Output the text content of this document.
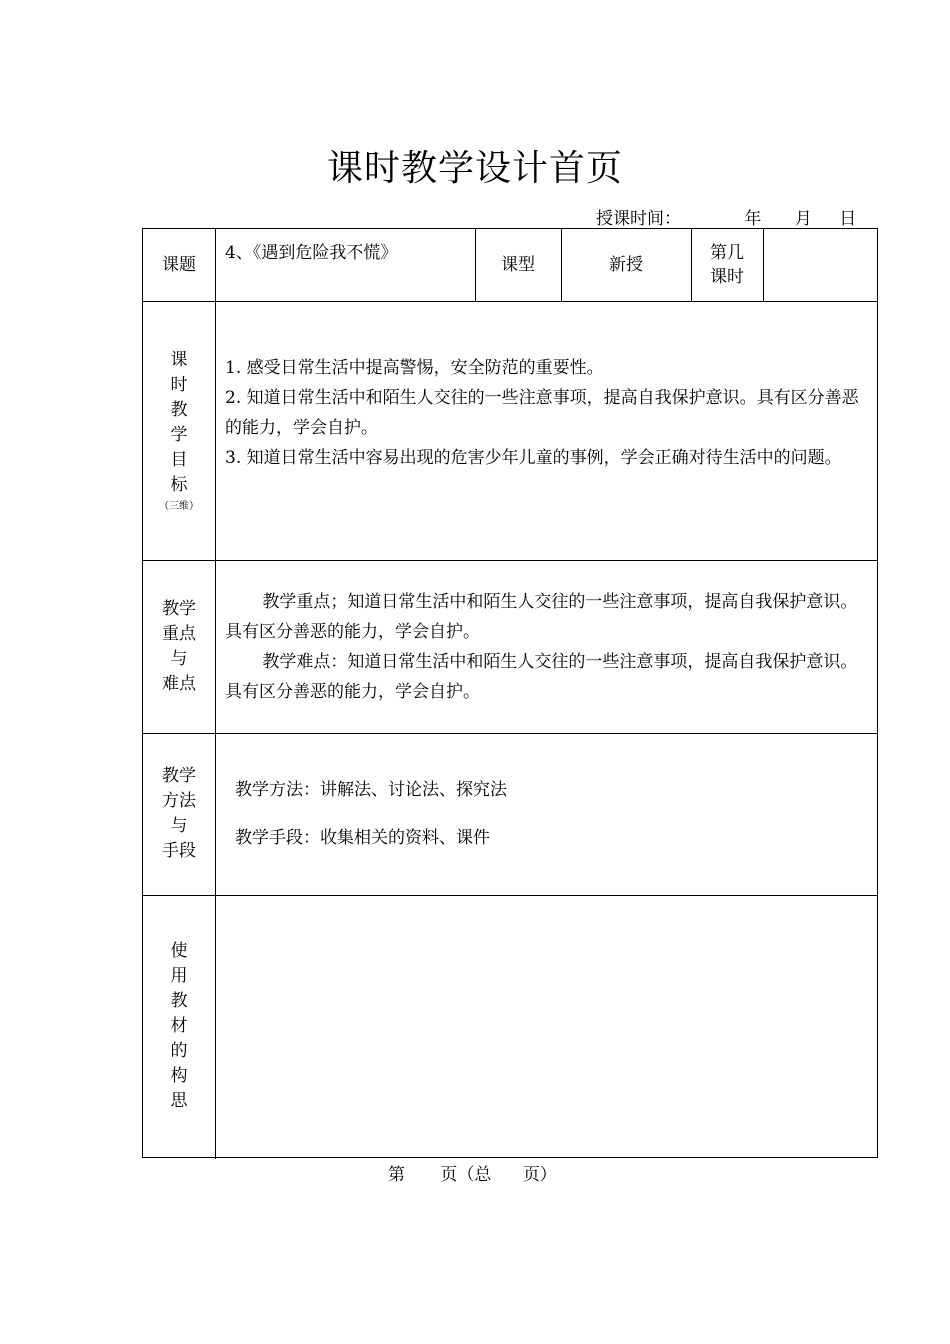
课时教学设计首页
授课时间：	年 月 日
课题
4、《遇到危险我不慌》
课型	新授
第几
课时
课
时
教
学
目
标
（三维）
1. 感受日常生活中提高警惕，安全防范的重要性。
2. 知道日常生活中和陌生人交往的一些注意事项，提高自我保护意识。具有区分善恶的能力，学会自护。
3. 知道日常生活中容易出现的危害少年儿童的事例，学会正确对待生活中的问题。
教学
重点
与
难点
教学重点；知道日常生活中和陌生人交往的一些注意事项，提高自我保护意识。具有区分善恶的能力，学会自护。
教学难点：知道日常生活中和陌生人交往的一些注意事项，提高自我保护意识。具有区分善恶的能力，学会自护。
教学
方法
与
手段
教学方法：讲解法、讨论法、探究法
教学手段：收集相关的资料、课件
使
用
教
材
的
构
思
第 页（总 页）
